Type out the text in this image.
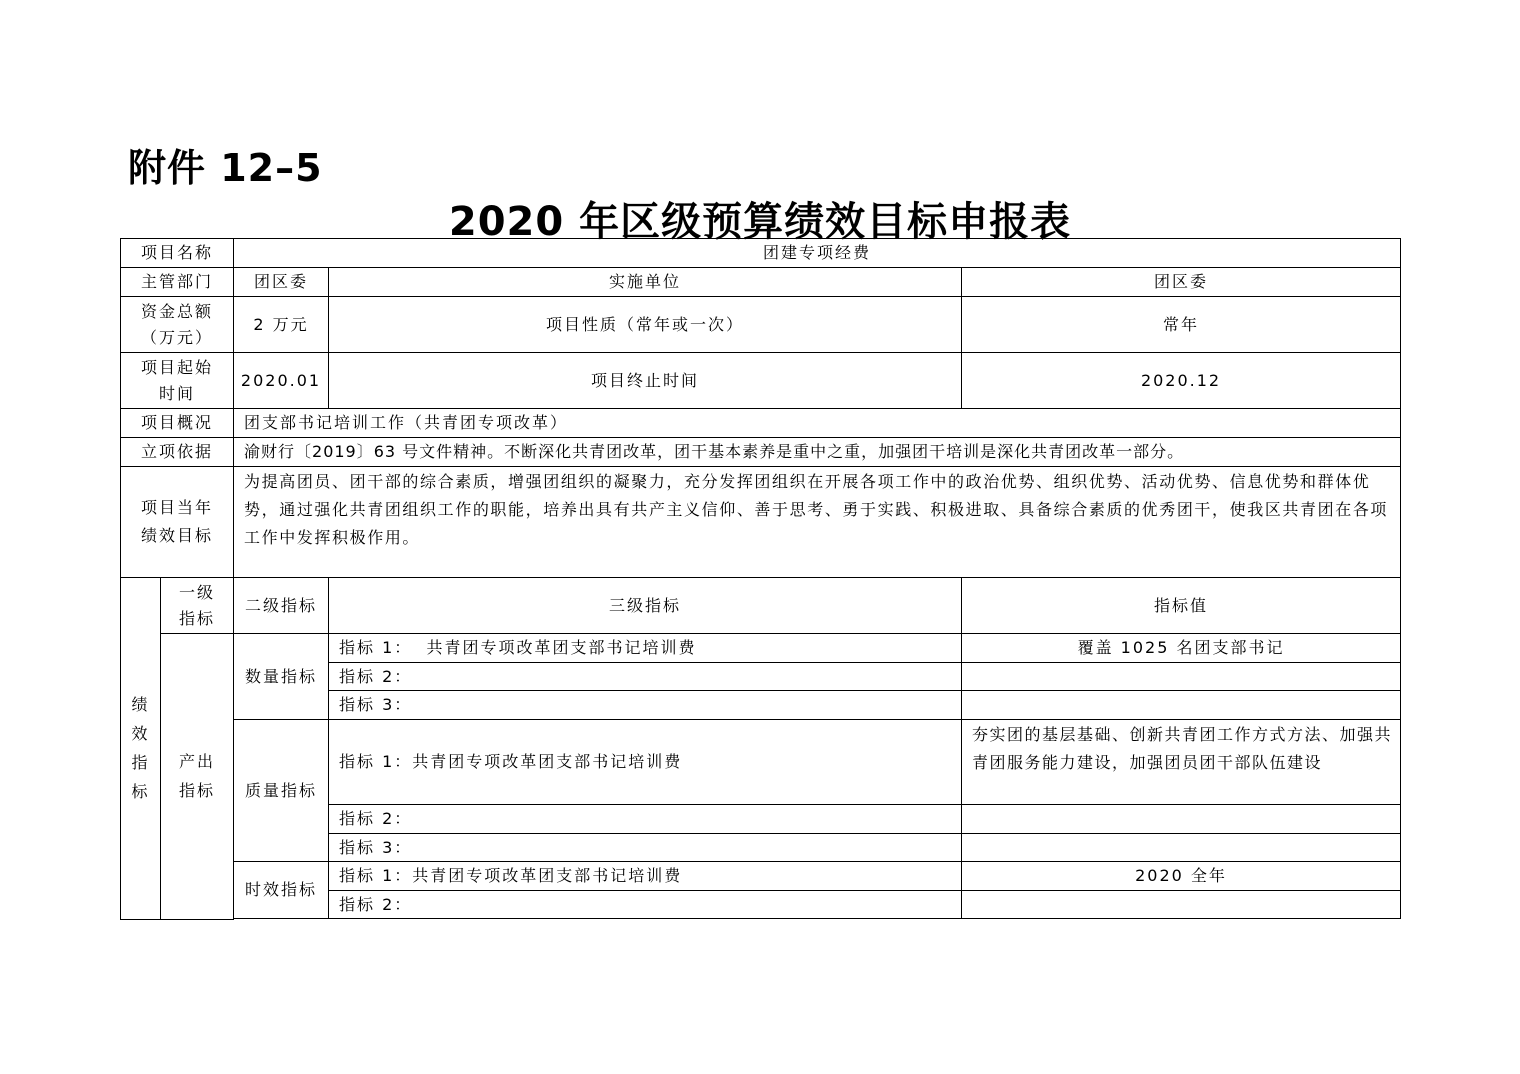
附件 12–5
2020 年区级预算绩效目标申报表
项目名称		团建专项经费		
主管部门		团区委	实施单位	团区委

资金总额
（万元）		2 万元	项目性质（常年或一次）	常年

项目起始
时间		2020.01	项目终止时间	2020.12
项目概况		团支部书记培训工作（共青团专项改革）		
立项依据		渝财行〔2019〕63 号文件精神。不断深化共青团改革，团干基本素养是重中之重，加强团干培训是深化共青团改革一部分。		

项目当年
绩效目标		为提高团员、团干部的综合素质，增强团组织的凝聚力，充分发挥团组织在开展各项工作中的政治优势、组织优势、活动优势、信息优势和群体优势，通过强化共青团组织工作的职能，培养出具有共产主义信仰、善于思考、勇于实践、积极进取、具备综合素质的优秀团干，使我区共青团在各项工作中发挥积极作用。		

绩
效
指
标	一级
指标	二级指标	三级指标	指标值

	产出
指标	数量指标	指标 1：  共青团专项改革团支部书记培训费	覆盖 1025 名团支部书记
			指标 2：	
			指标 3：	
		质量指标	指标 1：共青团专项改革团支部书记培训费	夯实团的基层基础、创新共青团工作方式方法、加强共青团服务能力建设，加强团员团干部队伍建设
			指标 2：	
			指标 3：	
		时效指标	指标 1：共青团专项改革团支部书记培训费	2020 全年
			指标 2：	
